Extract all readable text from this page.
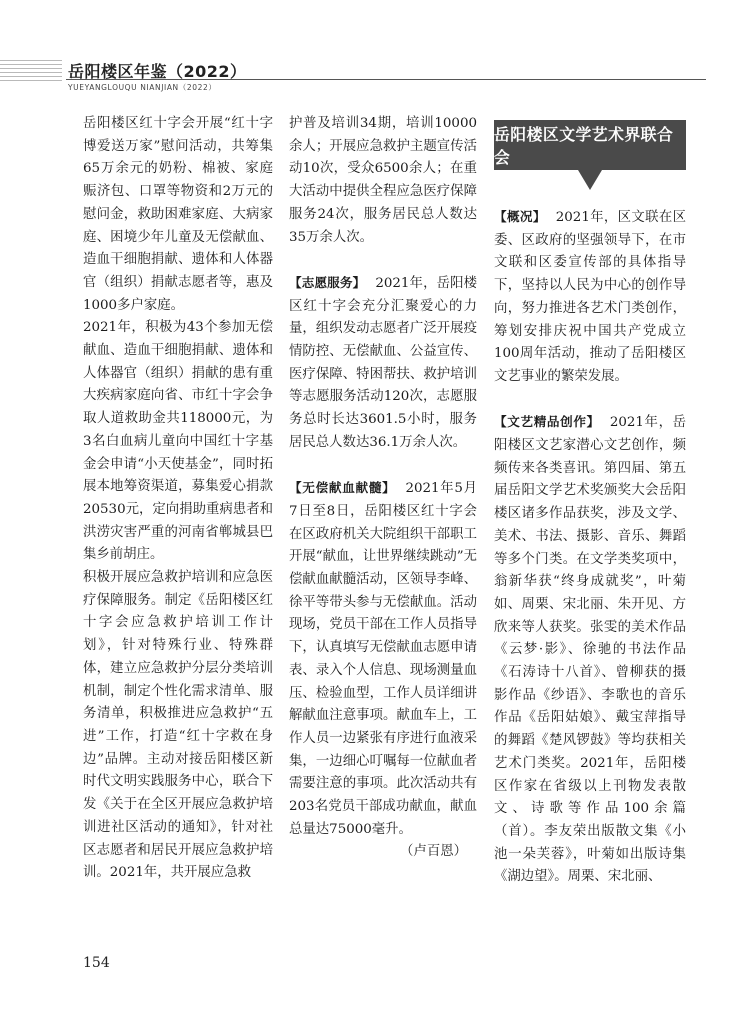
岳阳楼区年鉴（2022）
YUEYANGLOUQU NIANJIAN（2022）

岳阳楼区红十字会开展“红十字博爱送万家”慰问活动，共筹集65万余元的奶粉、棉被、家庭赈济包、口罩等物资和2万元的慰问金，救助困难家庭、大病家庭、困境少年儿童及无偿献血、造血干细胞捐献、遗体和人体器官（组织）捐献志愿者等，惠及1000多户家庭。

2021年，积极为43个参加无偿献血、造血干细胞捐献、遗体和人体器官（组织）捐献的患有重大疾病家庭向省、市红十字会争取人道救助金共118000元，为3名白血病儿童向中国红十字基金会申请“小天使基金”，同时拓展本地筹资渠道，募集爱心捐款20530元，定向捐助重病患者和洪涝灾害严重的河南省郸城县巴集乡前胡庄。

积极开展应急救护培训和应急医疗保障服务。制定《岳阳楼区红十字会应急救护培训工作计划》，针对特殊行业、特殊群体，建立应急救护分层分类培训机制，制定个性化需求清单、服务清单，积极推进应急救护“五进”工作，打造“红十字救在身边”品牌。主动对接岳阳楼区新时代文明实践服务中心，联合下发《关于在全区开展应急救护培训进社区活动的通知》，针对社区志愿者和居民开展应急救护培训。2021年，共开展应急救

护普及培训34期，培训10000余人；开展应急救护主题宣传活动10次，受众6500余人；在重大活动中提供全程应急医疗保障服务24次，服务居民总人数达35万余人次。

【志愿服务】 2021年，岳阳楼区红十字会充分汇聚爱心的力量，组织发动志愿者广泛开展疫情防控、无偿献血、公益宣传、医疗保障、特困帮扶、救护培训等志愿服务活动120次，志愿服务总时长达3601.5小时，服务居民总人数达36.1万余人次。

【无偿献血献髓】 2021年5月7日至8日，岳阳楼区红十字会在区政府机关大院组织干部职工开展“献血，让世界继续跳动”无偿献血献髓活动，区领导李峰、徐平等带头参与无偿献血。活动现场，党员干部在工作人员指导下，认真填写无偿献血志愿申请表、录入个人信息、现场测量血压、检验血型，工作人员详细讲解献血注意事项。献血车上，工作人员一边紧张有序进行血液采集，一边细心叮嘱每一位献血者需要注意的事项。此次活动共有203名党员干部成功献血，献血总量达75000毫升。

（卢百恩）

岳阳楼区文学艺术界联合会

【概况】 2021年，区文联在区委、区政府的坚强领导下，在市文联和区委宣传部的具体指导下，坚持以人民为中心的创作导向，努力推进各艺术门类创作，筹划安排庆祝中国共产党成立100周年活动，推动了岳阳楼区文艺事业的繁荣发展。

【文艺精品创作】 2021年，岳阳楼区文艺家潜心文艺创作，频频传来各类喜讯。第四届、第五届岳阳文学艺术奖颁奖大会岳阳楼区诸多作品获奖，涉及文学、美术、书法、摄影、音乐、舞蹈等多个门类。在文学类奖项中，翁新华获“终身成就奖”，叶菊如、周栗、宋北丽、朱开见、方欣来等人获奖。张雯的美术作品《云梦·影》、徐驰的书法作品《石涛诗十八首》、曾柳获的摄影作品《纱语》、李歌也的音乐作品《岳阳姑娘》、戴宝萍指导的舞蹈《楚风锣鼓》等均获相关艺术门类奖。2021年，岳阳楼区作家在省级以上刊物发表散文、诗歌等作品100余篇（首）。李友荣出版散文集《小池一朵芙蓉》，叶菊如出版诗集《湖边望》。周栗、宋北丽、

154
